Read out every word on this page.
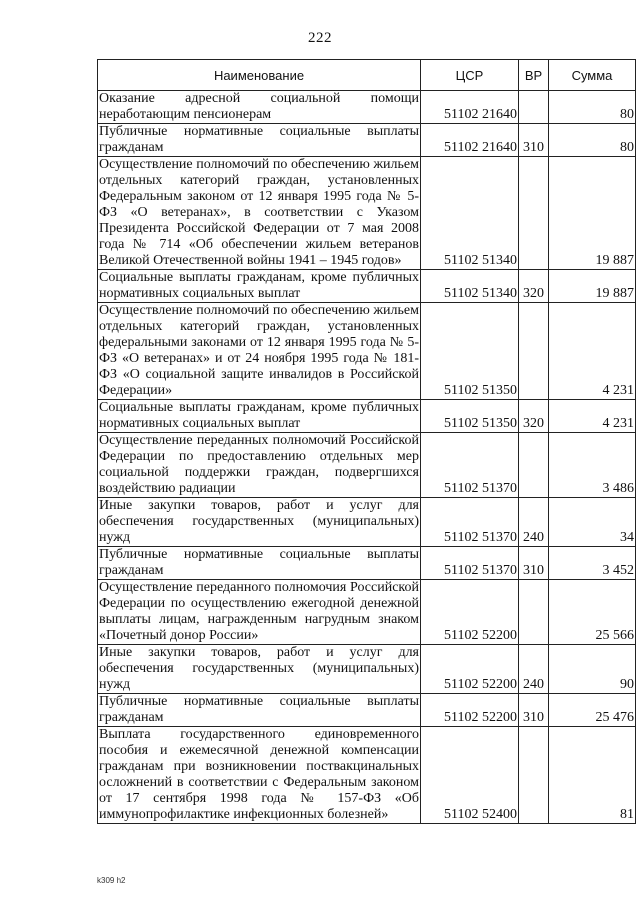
222
Наименование	ЦСР	ВР	Сумма
Оказание адресной социальной помощи неработающим пенсионерам	51102 21640		80
Публичные нормативные социальные выплаты гражданам	51102 21640	310	80
Осуществление полномочий по обеспечению жильем отдельных категорий граждан, установленных Федеральным законом от 12 января 1995 года № 5-ФЗ «О ветеранах», в соответствии с Указом Президента Российской Федерации от 7 мая 2008 года № 714 «Об обеспечении жильем ветеранов Великой Отечественной войны 1941 – 1945 годов»	51102 51340		19 887
Социальные выплаты гражданам, кроме публичных нормативных социальных выплат	51102 51340	320	19 887
Осуществление полномочий по обеспечению жильем отдельных категорий граждан, установленных федеральными законами от 12 января 1995 года № 5-ФЗ «О ветеранах» и от 24 ноября 1995 года № 181-ФЗ «О социальной защите инвалидов в Российской Федерации»	51102 51350		4 231
Социальные выплаты гражданам, кроме публичных нормативных социальных выплат	51102 51350	320	4 231
Осуществление переданных полномочий Российской Федерации по предоставлению отдельных мер социальной поддержки граждан, подвергшихся воздействию радиации	51102 51370		3 486
Иные закупки товаров, работ и услуг для обеспечения государственных (муниципальных) нужд	51102 51370	240	34
Публичные нормативные социальные выплаты гражданам	51102 51370	310	3 452
Осуществление переданного полномочия Российской Федерации по осуществлению ежегодной денежной выплаты лицам, награжденным нагрудным знаком «Почетный донор России»	51102 52200		25 566
Иные закупки товаров, работ и услуг для обеспечения государственных (муниципальных) нужд	51102 52200	240	90
Публичные нормативные социальные выплаты гражданам	51102 52200	310	25 476
Выплата государственного единовременного пособия и ежемесячной денежной компенсации гражданам при возникновении поствакцинальных осложнений в соответствии с Федеральным законом от 17 сентября 1998 года № 157-ФЗ «Об иммунопрофилактике инфекционных болезней»	51102 52400		81
k309 h2
